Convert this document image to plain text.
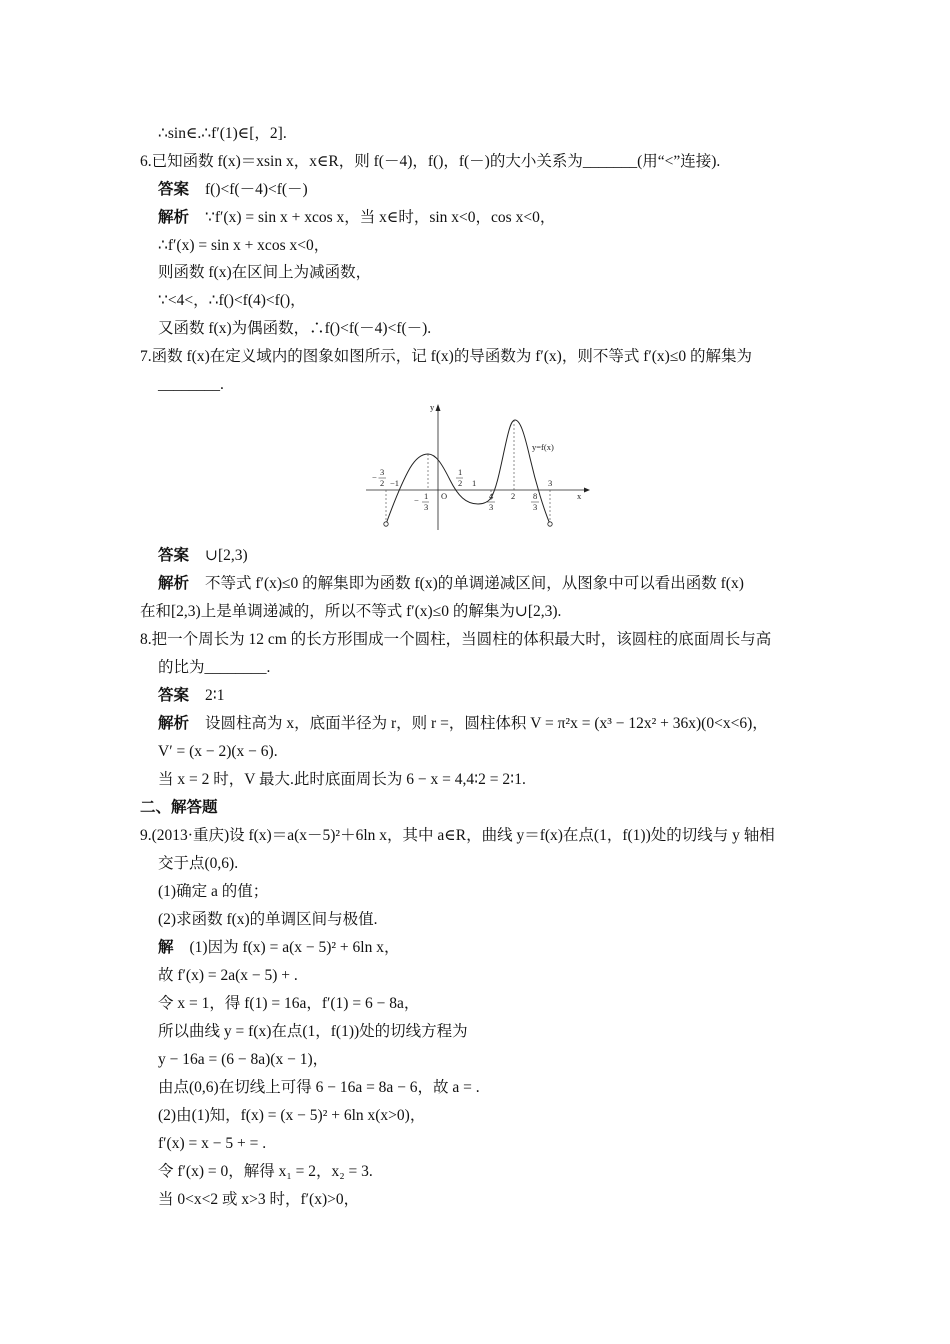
∴sin∈.∴f′(1)∈[，2].
6.已知函数 f(x)＝xsin x，x∈R，则 f(－4)，f()，f(－)的大小关系为_______(用“<”连接).
答案 f()<f(－4)<f(－)
解析 ∵f′(x) = sin x + xcos x，当 x∈时，sin x<0，cos x<0，
∴f′(x) = sin x + xcos x<0，
则函数 f(x)在区间上为减函数，
∵<4<，∴f()<f(4)<f()，
又函数 f(x)为偶函数，∴f()<f(－4)<f(－).
7.函数 f(x)在定义域内的图象如图所示，记 f(x)的导函数为 f′(x)，则不等式 f′(x)≤0 的解集为
________.
答案 ∪[2,3)
解析 不等式 f′(x)≤0 的解集即为函数 f(x)的单调递减区间，从图象中可以看出函数 f(x)
在和[2,3)上是单调递减的，所以不等式 f′(x)≤0 的解集为∪[2,3).
8.把一个周长为 12 cm 的长方形围成一个圆柱，当圆柱的体积最大时，该圆柱的底面周长与高
的比为________.
答案 2∶1
解析 设圆柱高为 x，底面半径为 r，则 r =，圆柱体积 V = π²x = (x³ − 12x² + 36x)(0<x<6)，
V′ = (x − 2)(x − 6).
当 x = 2 时，V 最大.此时底面周长为 6 − x = 4,4∶2 = 2∶1.
二、解答题
9.(2013·重庆)设 f(x)＝a(x－5)²＋6ln x，其中 a∈R，曲线 y＝f(x)在点(1，f(1))处的切线与 y 轴相
交于点(0,6).
(1)确定 a 的值；
(2)求函数 f(x)的单调区间与极值.
解 (1)因为 f(x) = a(x − 5)² + 6ln x，
故 f′(x) = 2a(x − 5) + .
令 x = 1，得 f(1) = 16a，f′(1) = 6 − 8a，
所以曲线 y = f(x)在点(1，f(1))处的切线方程为
y − 16a = (6 − 8a)(x − 1)，
由点(0,6)在切线上可得 6 − 16a = 8a − 6，故 a = .
(2)由(1)知，f(x) = (x − 5)² + 6ln x(x>0)，
f′(x) = x − 5 + = .
令 f′(x) = 0，解得 x₁ = 2，x₂ = 3.
当 0<x<2 或 x>3 时，f′(x)>0，
y
x
O
y=f(x)
− 3
2 −1
− 1
3
1
2 1
4
3
2 8
3
3
